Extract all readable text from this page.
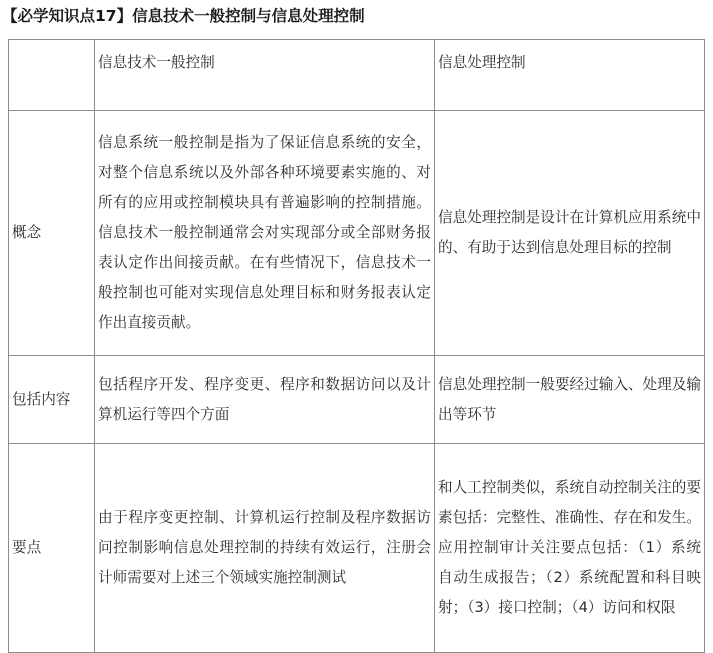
【必学知识点17】信息技术一般控制与信息处理控制
	信息技术一般控制	信息处理控制
概念	信息系统一般控制是指为了保证信息系统的安全，对整个信息系统以及外部各种环境要素实施的、对所有的应用或控制模块具有普遍影响的控制措施。信息技术一般控制通常会对实现部分或全部财务报表认定作出间接贡献。在有些情况下，信息技术一般控制也可能对实现信息处理目标和财务报表认定作出直接贡献。	信息处理控制是设计在计算机应用系统中的、有助于达到信息处理目标的控制
包括内容	包括程序开发、程序变更、程序和数据访问以及计算机运行等四个方面	信息处理控制一般要经过输入、处理及输出等环节
要点	由于程序变更控制、计算机运行控制及程序数据访问控制影响信息处理控制的持续有效运行，注册会计师需要对上述三个领域实施控制测试	和人工控制类似，系统自动控制关注的要素包括：完整性、准确性、存在和发生。应用控制审计关注要点包括：（1）系统自动生成报告；（2）系统配置和科目映射；（3）接口控制；（4）访问和权限
